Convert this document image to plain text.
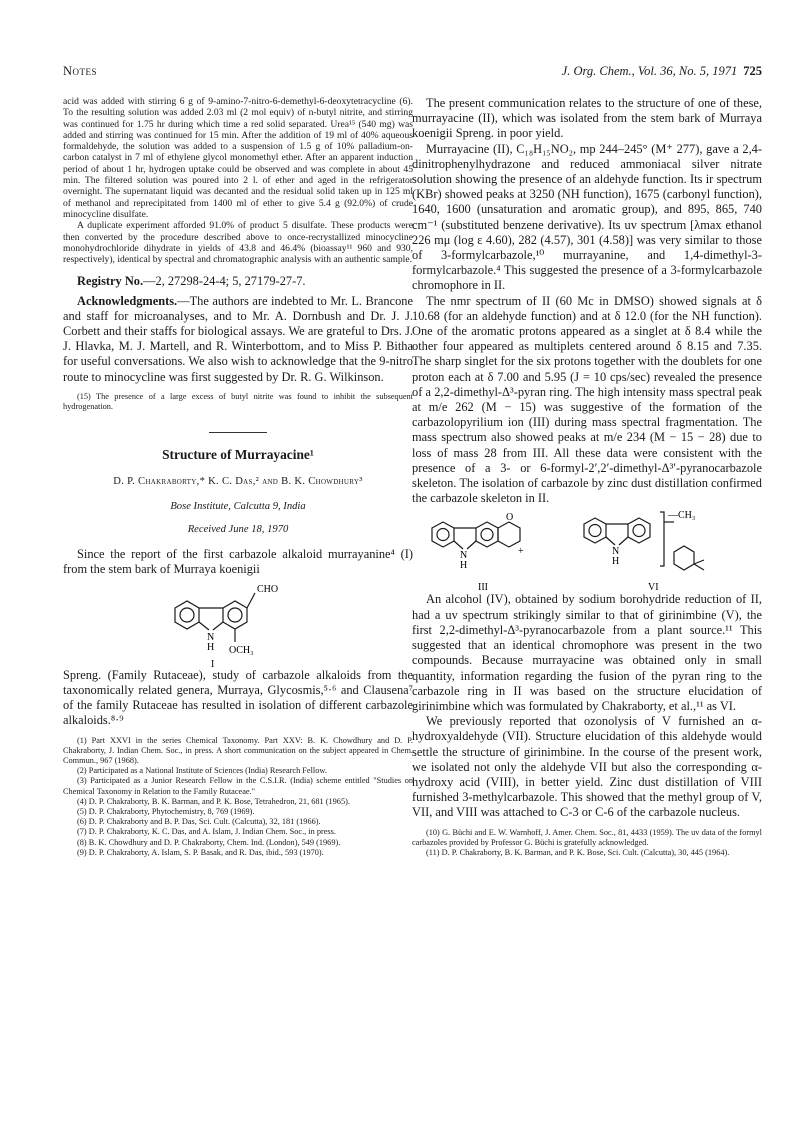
Notes	J. Org. Chem., Vol. 36, No. 5, 1971 725

acid was added with stirring 6 g of 9-amino-7-nitro-6-demethyl-6-deoxytetracycline (6). To the resulting solution was added 2.03 ml (2 mol equiv) of n-butyl nitrite, and stirring was continued for 1.75 hr during which time a red solid separated. Urea¹⁵ (540 mg) was added and stirring was continued for 15 min. After the addition of 19 ml of 40% aqueous formaldehyde, the solution was added to a suspension of 1.5 g of 10% palladium-on-carbon catalyst in 7 ml of ethylene glycol monomethyl ether. After an apparent induction period of about 1 hr, hydrogen uptake could be observed and was complete in about 45 min. The filtered solution was poured into 2 l. of ether and aged in the refrigerator overnight. The supernatant liquid was decanted and the residual solid taken up in 125 ml of methanol and reprecipitated from 1400 ml of ether to give 5.4 g (92.0%) of crude minocycline disulfate.

A duplicate experiment afforded 91.0% of product 5 disulfate. These products were then converted by the procedure described above to once-recrystallized minocycline monohydrochloride dihydrate in yields of 43.8 and 46.4% (bioassay¹¹ 960 and 930, respectively), identical by spectral and chromatographic analysis with an authentic sample.

Registry No.—2, 27298-24-4; 5, 27179-27-7.

Acknowledgments.—The authors are indebted to Mr. L. Brancone and staff for microanalyses, and to Mr. A. Dornbush and Dr. J. J. Corbett and their staffs for biological assays. We are grateful to Drs. J. J. Hlavka, M. J. Martell, and R. Winterbottom, and to Miss P. Bitha for useful conversations. We also wish to acknowledge that the 9-nitro route to minocycline was first suggested by Dr. R. G. Wilkinson.

(15) The presence of a large excess of butyl nitrite was found to inhibit the subsequent hydrogenation.

Structure of Murrayacine¹

D. P. Chakraborty,* K. C. Das,² and B. K. Chowdhury³

Bose Institute, Calcutta 9, India

Received June 18, 1970

Since the report of the first carbazole alkaloid murrayanine⁴ (I) from the stem bark of Murraya koenigii

CHO
N
H OCH₃
I

Spreng. (Family Rutaceae), study of carbazole alkaloids from the taxonomically related genera, Murraya, Glycosmis,⁵·⁶ and Clausena⁷ of the family Rutaceae has resulted in isolation of different carbazole alkaloids.⁸·⁹

(1) Part XXVI in the series Chemical Taxonomy. Part XXV: B. K. Chowdhury and D. P. Chakraborty, J. Indian Chem. Soc., in press. A short communication on the subject appeared in Chem. Commun., 967 (1968).

(2) Participated as a National Institute of Sciences (India) Research Fellow.

(3) Participated as a Junior Research Fellow in the C.S.I.R. (India) scheme entitled "Studies on Chemical Taxonomy in Relation to the Family Rutaceae."

(4) D. P. Chakraborty, B. K. Barman, and P. K. Bose, Tetrahedron, 21, 681 (1965).

(5) D. P. Chakraborty, Phytochemistry, 8, 769 (1969).

(6) D. P. Chakraborty and B. P. Das, Sci. Cult. (Calcutta), 32, 181 (1966).

(7) D. P. Chakraborty, K. C. Das, and A. Islam, J. Indian Chem. Soc., in press.

(8) B. K. Chowdhury and D. P. Chakraborty, Chem. Ind. (London), 549 (1969).

(9) D. P. Chakraborty, A. Islam, S. P. Basak, and R. Das, ibid., 593 (1970).

The present communication relates to the structure of one of these, murrayacine (II), which was isolated from the stem bark of Murraya koenigii Spreng. in poor yield.

Murrayacine (II), C₁₈H₁₅NO₂, mp 244–245° (M⁺ 277), gave a 2,4-dinitrophenylhydrazone and reduced ammoniacal silver nitrate solution showing the presence of an aldehyde function. Its ir spectrum (KBr) showed peaks at 3250 (NH function), 1675 (carbonyl function), 1640, 1600 (unsaturation and aromatic group), and 895, 865, 740 cm⁻¹ (substituted benzene derivative). Its uv spectrum [λmax ethanol 226 mμ (log ε 4.60), 282 (4.57), 301 (4.58)] was very similar to those of 3-formylcarbazole,¹⁰ murrayanine, and 1,4-dimethyl-3-formylcarbazole.⁴ This suggested the presence of a 3-formylcarbazole chromophore in II.

The nmr spectrum of II (60 Mc in DMSO) showed signals at δ 10.68 (for an aldehyde function) and at δ 12.0 (for the NH function). One of the aromatic protons appeared as a singlet at δ 8.4 while the other four appeared as multiplets centered around δ 8.15 and 7.35. The sharp singlet for the six protons together with the doublets for one proton each at δ 7.00 and 5.95 (J = 10 cps/sec) revealed the presence of a 2,2-dimethyl-Δ³-pyran ring. The high intensity mass spectral peak at m/e 262 (M − 15) was suggestive of the formation of the carbazolopyrilium ion (III) during mass spectral fragmentation. The mass spectrum also showed peaks at m/e 234 (M − 15 − 28) due to loss of mass 28 from III. All these data were consistent with the presence of a 3- or 6-formyl-2′,2′-dimethyl-Δ³′-pyranocarbazole skeleton. The isolation of carbazole by zinc dust distillation confirmed the carbazole skeleton in II.

O
+
N
H
III
N
H
—CH₃
VI

An alcohol (IV), obtained by sodium borohydride reduction of II, had a uv spectrum strikingly similar to that of girinimbine (V), the first 2,2-dimethyl-Δ³-pyranocarbazole from a plant source.¹¹ This suggested that an identical chromophore was present in the two compounds. Because murrayacine was obtained only in small quantity, information regarding the fusion of the pyran ring to the carbazole ring in II was based on the structure elucidation of girinimbine which was formulated by Chakraborty, et al.,¹¹ as VI.

We previously reported that ozonolysis of V furnished an α-hydroxyaldehyde (VII). Structure elucidation of this aldehyde would settle the structure of girinimbine. In the course of the present work, we isolated not only the aldehyde VII but also the corresponding α-hydroxy acid (VIII), in better yield. Zinc dust distillation of VIII furnished 3-methylcarbazole. This showed that the methyl group of V, VII, and VIII was attached to C-3 or C-6 of the carbazole nucleus.

(10) G. Büchi and E. W. Warnhoff, J. Amer. Chem. Soc., 81, 4433 (1959). The uv data of the formyl carbazoles provided by Professor G. Büchi is gratefully acknowledged.

(11) D. P. Chakraborty, B. K. Barman, and P. K. Bose, Sci. Cult. (Calcutta), 30, 445 (1964).
